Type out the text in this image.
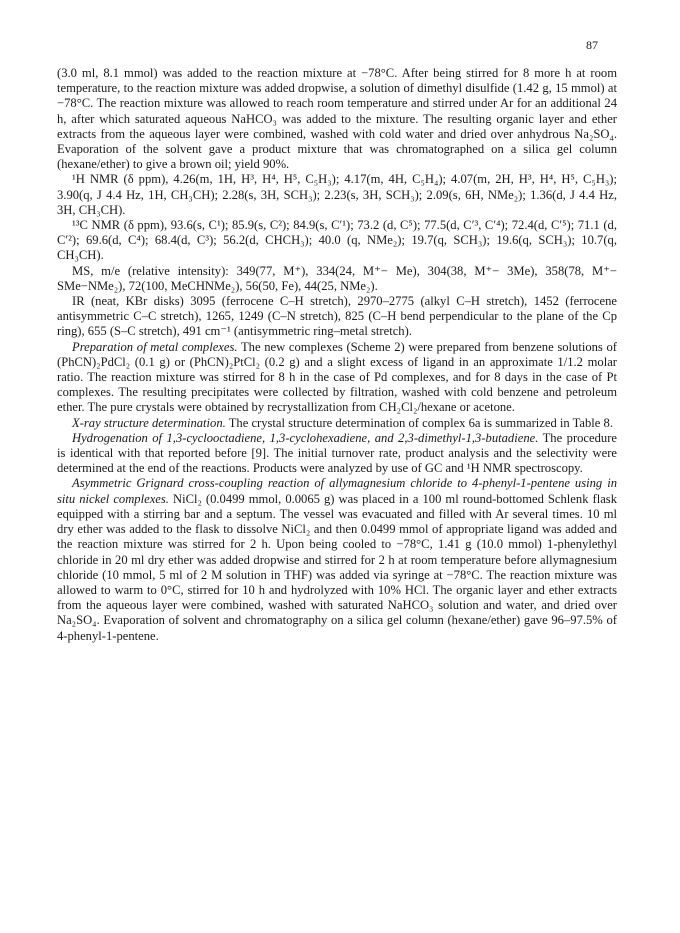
87

(3.0 ml, 8.1 mmol) was added to the reaction mixture at −78°C. After being stirred for 8 more h at room temperature, to the reaction mixture was added dropwise, a solution of dimethyl disulfide (1.42 g, 15 mmol) at −78°C. The reaction mixture was allowed to reach room temperature and stirred under Ar for an additional 24 h, after which saturated aqueous NaHCO₃ was added to the mixture. The resulting organic layer and ether extracts from the aqueous layer were combined, washed with cold water and dried over anhydrous Na₂SO₄. Evaporation of the solvent gave a product mixture that was chromatographed on a silica gel column (hexane/ether) to give a brown oil; yield 90%.

¹H NMR (δ ppm), 4.26(m, 1H, H³, H⁴, H⁵, C₅H₃); 4.17(m, 4H, C₅H₄); 4.07(m, 2H, H³, H⁴, H⁵, C₅H₃); 3.90(q, J 4.4 Hz, 1H, CH₃CH); 2.28(s, 3H, SCH₃); 2.23(s, 3H, SCH₃); 2.09(s, 6H, NMe₂); 1.36(d, J 4.4 Hz, 3H, CH₃CH).

¹³C NMR (δ ppm), 93.6(s, C¹); 85.9(s, C²); 84.9(s, C′¹); 73.2 (d, C⁵); 77.5(d, C′³, C′⁴); 72.4(d, C′⁵); 71.1 (d, C′²); 69.6(d, C⁴); 68.4(d, C³); 56.2(d, CHCH₃); 40.0 (q, NMe₂); 19.7(q, SCH₃); 19.6(q, SCH₃); 10.7(q, CH₃CH).

MS, m/e (relative intensity): 349(77, M⁺), 334(24, M⁺− Me), 304(38, M⁺− 3Me), 358(78, M⁺− SMe−NMe₂), 72(100, MeCHNMe₂), 56(50, Fe), 44(25, NMe₂).

IR (neat, KBr disks) 3095 (ferrocene C–H stretch), 2970–2775 (alkyl C–H stretch), 1452 (ferrocene antisymmetric C–C stretch), 1265, 1249 (C–N stretch), 825 (C–H bend perpendicular to the plane of the Cp ring), 655 (S–C stretch), 491 cm⁻¹ (antisymmetric ring–metal stretch).

Preparation of metal complexes. The new complexes (Scheme 2) were prepared from benzene solutions of (PhCN)₂PdCl₂ (0.1 g) or (PhCN)₂PtCl₂ (0.2 g) and a slight excess of ligand in an approximate 1/1.2 molar ratio. The reaction mixture was stirred for 8 h in the case of Pd complexes, and for 8 days in the case of Pt complexes. The resulting precipitates were collected by filtration, washed with cold benzene and petroleum ether. The pure crystals were obtained by recrystallization from CH₂Cl₂/hexane or acetone.

X-ray structure determination. The crystal structure determination of complex 6a is summarized in Table 8.

Hydrogenation of 1,3-cyclooctadiene, 1,3-cyclohexadiene, and 2,3-dimethyl-1,3-butadiene. The procedure is identical with that reported before [9]. The initial turnover rate, product analysis and the selectivity were determined at the end of the reactions. Products were analyzed by use of GC and ¹H NMR spectroscopy.

Asymmetric Grignard cross-coupling reaction of allymagnesium chloride to 4-phenyl-1-pentene using in situ nickel complexes. NiCl₂ (0.0499 mmol, 0.0065 g) was placed in a 100 ml round-bottomed Schlenk flask equipped with a stirring bar and a septum. The vessel was evacuated and filled with Ar several times. 10 ml dry ether was added to the flask to dissolve NiCl₂ and then 0.0499 mmol of appropriate ligand was added and the reaction mixture was stirred for 2 h. Upon being cooled to −78°C, 1.41 g (10.0 mmol) 1-phenylethyl chloride in 20 ml dry ether was added dropwise and stirred for 2 h at room temperature before allymagnesium chloride (10 mmol, 5 ml of 2 M solution in THF) was added via syringe at −78°C. The reaction mixture was allowed to warm to 0°C, stirred for 10 h and hydrolyzed with 10% HCl. The organic layer and ether extracts from the aqueous layer were combined, washed with saturated NaHCO₃ solution and water, and dried over Na₂SO₄. Evaporation of solvent and chromatography on a silica gel column (hexane/ether) gave 96–97.5% of 4-phenyl-1-pentene.
